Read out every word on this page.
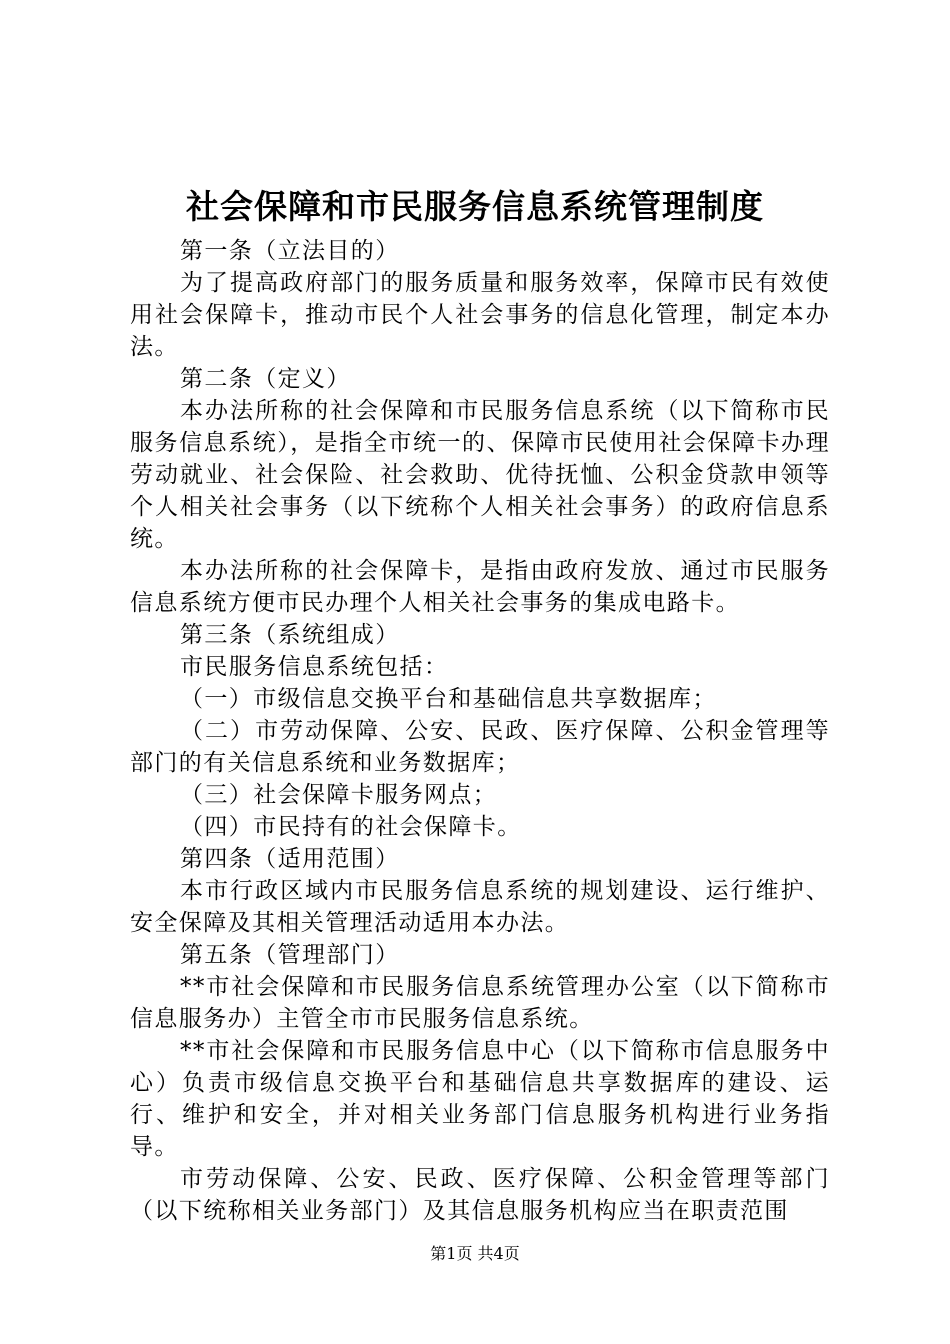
社会保障和市民服务信息系统管理制度

第一条（立法目的）

为了提高政府部门的服务质量和服务效率，保障市民有效使用社会保障卡，推动市民个人社会事务的信息化管理，制定本办法。

第二条（定义）

本办法所称的社会保障和市民服务信息系统（以下简称市民服务信息系统），是指全市统一的、保障市民使用社会保障卡办理劳动就业、社会保险、社会救助、优待抚恤、公积金贷款申领等个人相关社会事务（以下统称个人相关社会事务）的政府信息系统。

本办法所称的社会保障卡，是指由政府发放、通过市民服务信息系统方便市民办理个人相关社会事务的集成电路卡。

第三条（系统组成）

市民服务信息系统包括：

（一）市级信息交换平台和基础信息共享数据库；

（二）市劳动保障、公安、民政、医疗保障、公积金管理等部门的有关信息系统和业务数据库；

（三）社会保障卡服务网点；

（四）市民持有的社会保障卡。

第四条（适用范围）

本市行政区域内市民服务信息系统的规划建设、运行维护、安全保障及其相关管理活动适用本办法。

第五条（管理部门）

**市社会保障和市民服务信息系统管理办公室（以下简称市信息服务办）主管全市市民服务信息系统。

**市社会保障和市民服务信息中心（以下简称市信息服务中心）负责市级信息交换平台和基础信息共享数据库的建设、运行、维护和安全，并对相关业务部门信息服务机构进行业务指导。

市劳动保障、公安、民政、医疗保障、公积金管理等部门（以下统称相关业务部门）及其信息服务机构应当在职责范围

第1页 共4页
